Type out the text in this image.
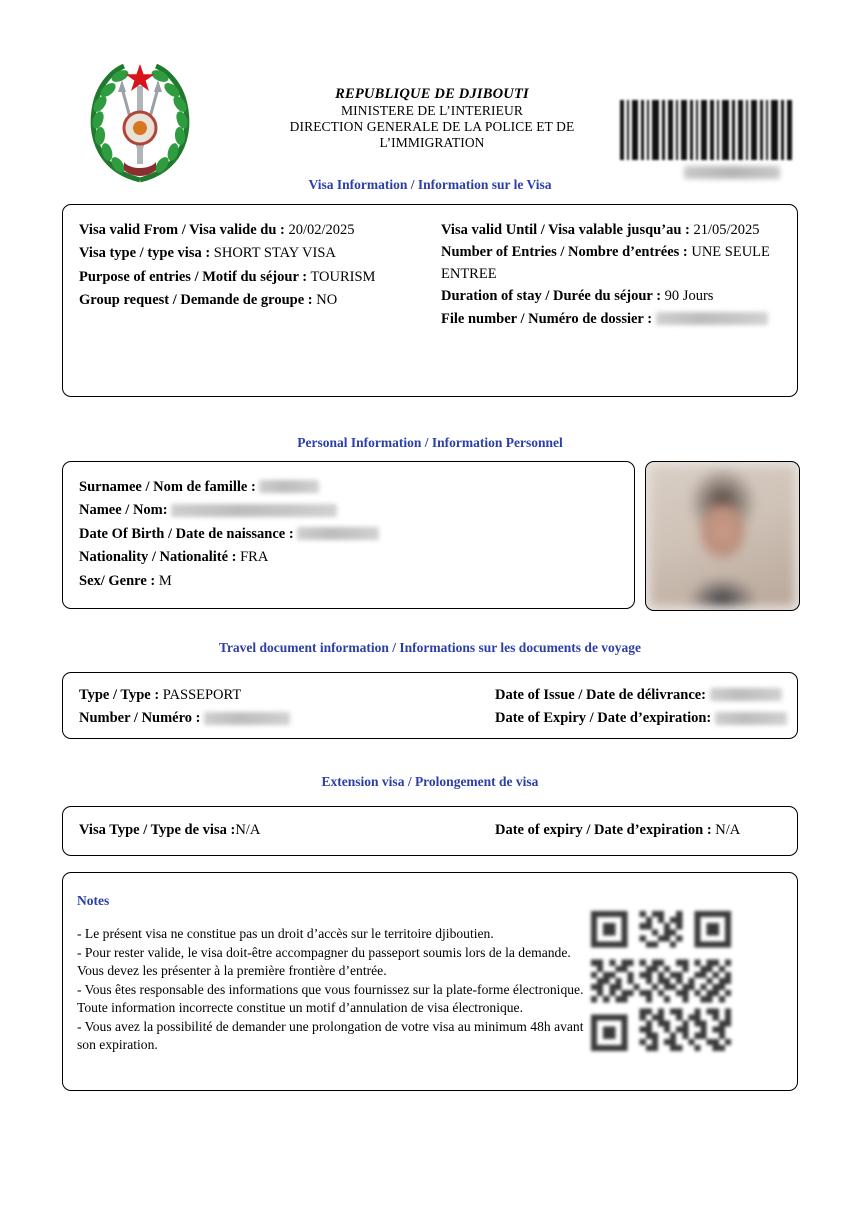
REPUBLIQUE DE DJIBOUTI
MINISTERE DE L’INTERIEUR
DIRECTION GENERALE DE LA POLICE ET DE
L’IMMIGRATION
Visa Information / Information sur le Visa
Visa valid From / Visa valide du : 20/02/2025
Visa type / type visa : SHORT STAY VISA
Purpose of entries / Motif du séjour : TOURISM
Group request / Demande de groupe : NO
Visa valid Until / Visa valable jusqu’au : 21/05/2025
Number of Entries / Nombre d’entrées : UNE SEULE ENTREE
Duration of stay / Durée du séjour : 90 Jours
File number / Numéro de dossier :
Personal Information / Information Personnel
Surnamee / Nom de famille :
Namee / Nom:
Date Of Birth / Date de naissance :
Nationality / Nationalité : FRA
Sex/ Genre : M
Travel document information / Informations sur les documents de voyage
Type / Type : PASSEPORT
Number / Numéro :
Date of Issue / Date de délivrance:
Date of Expiry / Date d’expiration:
Extension visa / Prolongement de visa
Visa Type / Type de visa :N/A	Date of expiry / Date d’expiration : N/A
Notes
- Le présent visa ne constitue pas un droit d’accès sur le territoire djiboutien.
- Pour rester valide, le visa doit-être accompagner du passeport soumis lors de la demande. Vous devez les présenter à la première frontière d’entrée.
- Vous êtes responsable des informations que vous fournissez sur la plate-forme électronique. Toute information incorrecte constitue un motif d’annulation de visa électronique.
- Vous avez la possibilité de demander une prolongation de votre visa au minimum 48h avant son expiration.
